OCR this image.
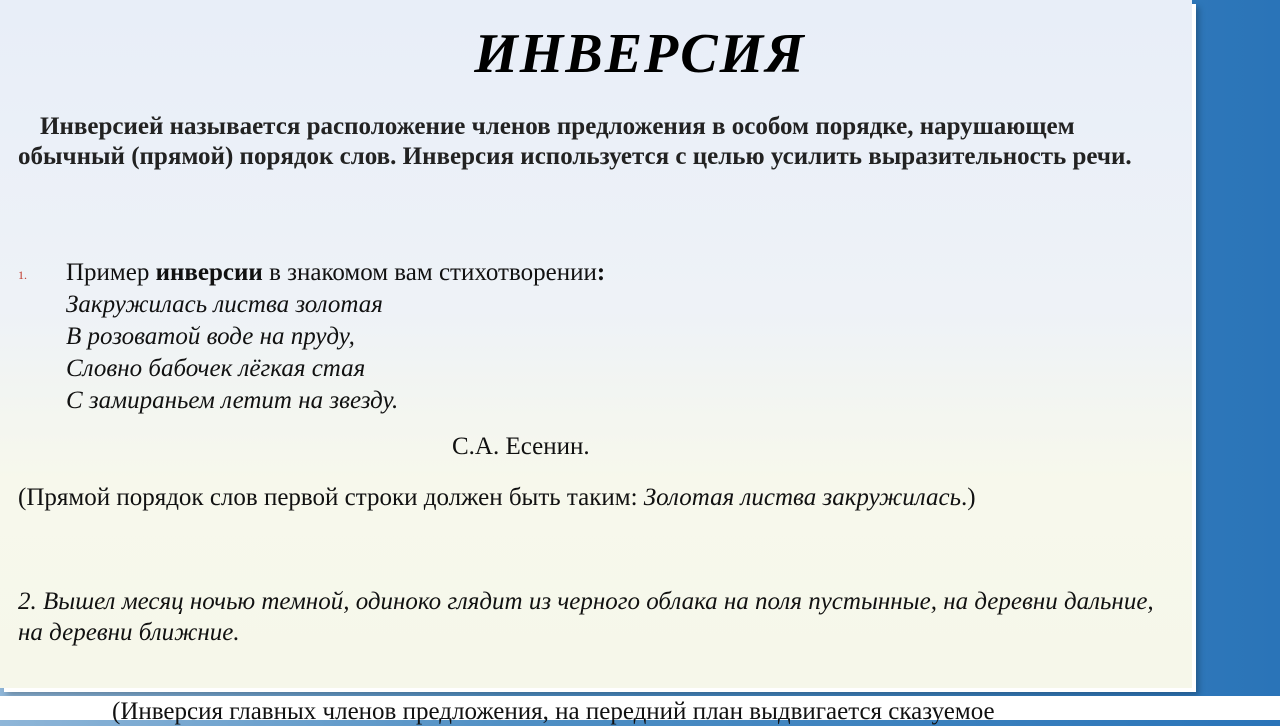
ИНВЕРСИЯ
Инверсией называется расположение членов предложения в особом порядке, нарушающем обычный (прямой) порядок слов. Инверсия используется с целью усилить выразительность речи.
1. Пример инверсии в знакомом вам стихотворении:
Закружилась листва золотая
В розоватой воде на пруду,
Словно бабочек лёгкая стая
С замираньем летит на звезду.
С.А. Есенин.
(Прямой порядок слов первой строки должен быть таким: Золотая листва закружилась.)
2. Вышел месяц ночью темной, одиноко глядит из черного облака на поля пустынные, на деревни дальние, на деревни ближние.
(Инверсия главных членов предложения, на передний план выдвигается сказуемое
